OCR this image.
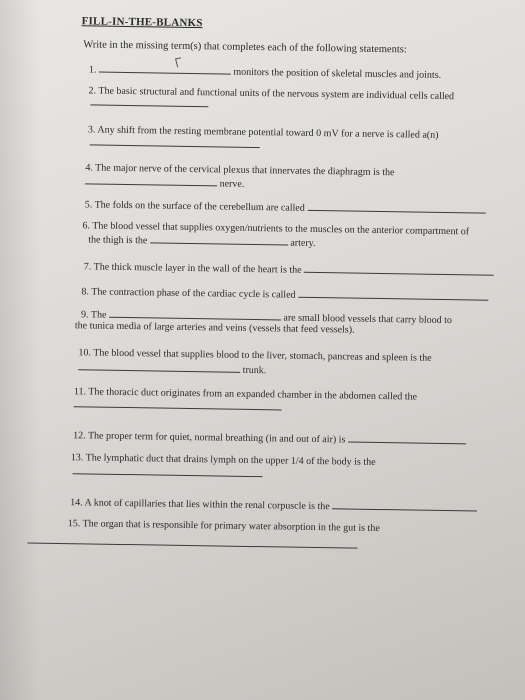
FILL-IN-THE-BLANKS
Write in the missing term(s) that completes each of the following statements:
1.	monitors the position of skeletal muscles and joints.
2. The basic structural and functional units of the nervous system are individual cells called
3. Any shift from the resting membrane potential toward 0 mV for a nerve is called a(n)
4. The major nerve of the cervical plexus that innervates the diaphragm is the
nerve.
5. The folds on the surface of the cerebellum are called
6. The blood vessel that supplies oxygen/nutrients to the muscles on the anterior compartment of
the thigh is the	artery.
7. The thick muscle layer in the wall of the heart is the
8. The contraction phase of the cardiac cycle is called
9. The	are small blood vessels that carry blood to
the tunica media of large arteries and veins (vessels that feed vessels).
10. The blood vessel that supplies blood to the liver, stomach, pancreas and spleen is the
trunk.
11. The thoracic duct originates from an expanded chamber in the abdomen called the
12. The proper term for quiet, normal breathing (in and out of air) is
13. The lymphatic duct that drains lymph on the upper 1/4 of the body is the
14. A knot of capillaries that lies within the renal corpuscle is the
15. The organ that is responsible for primary water absorption in the gut is the
